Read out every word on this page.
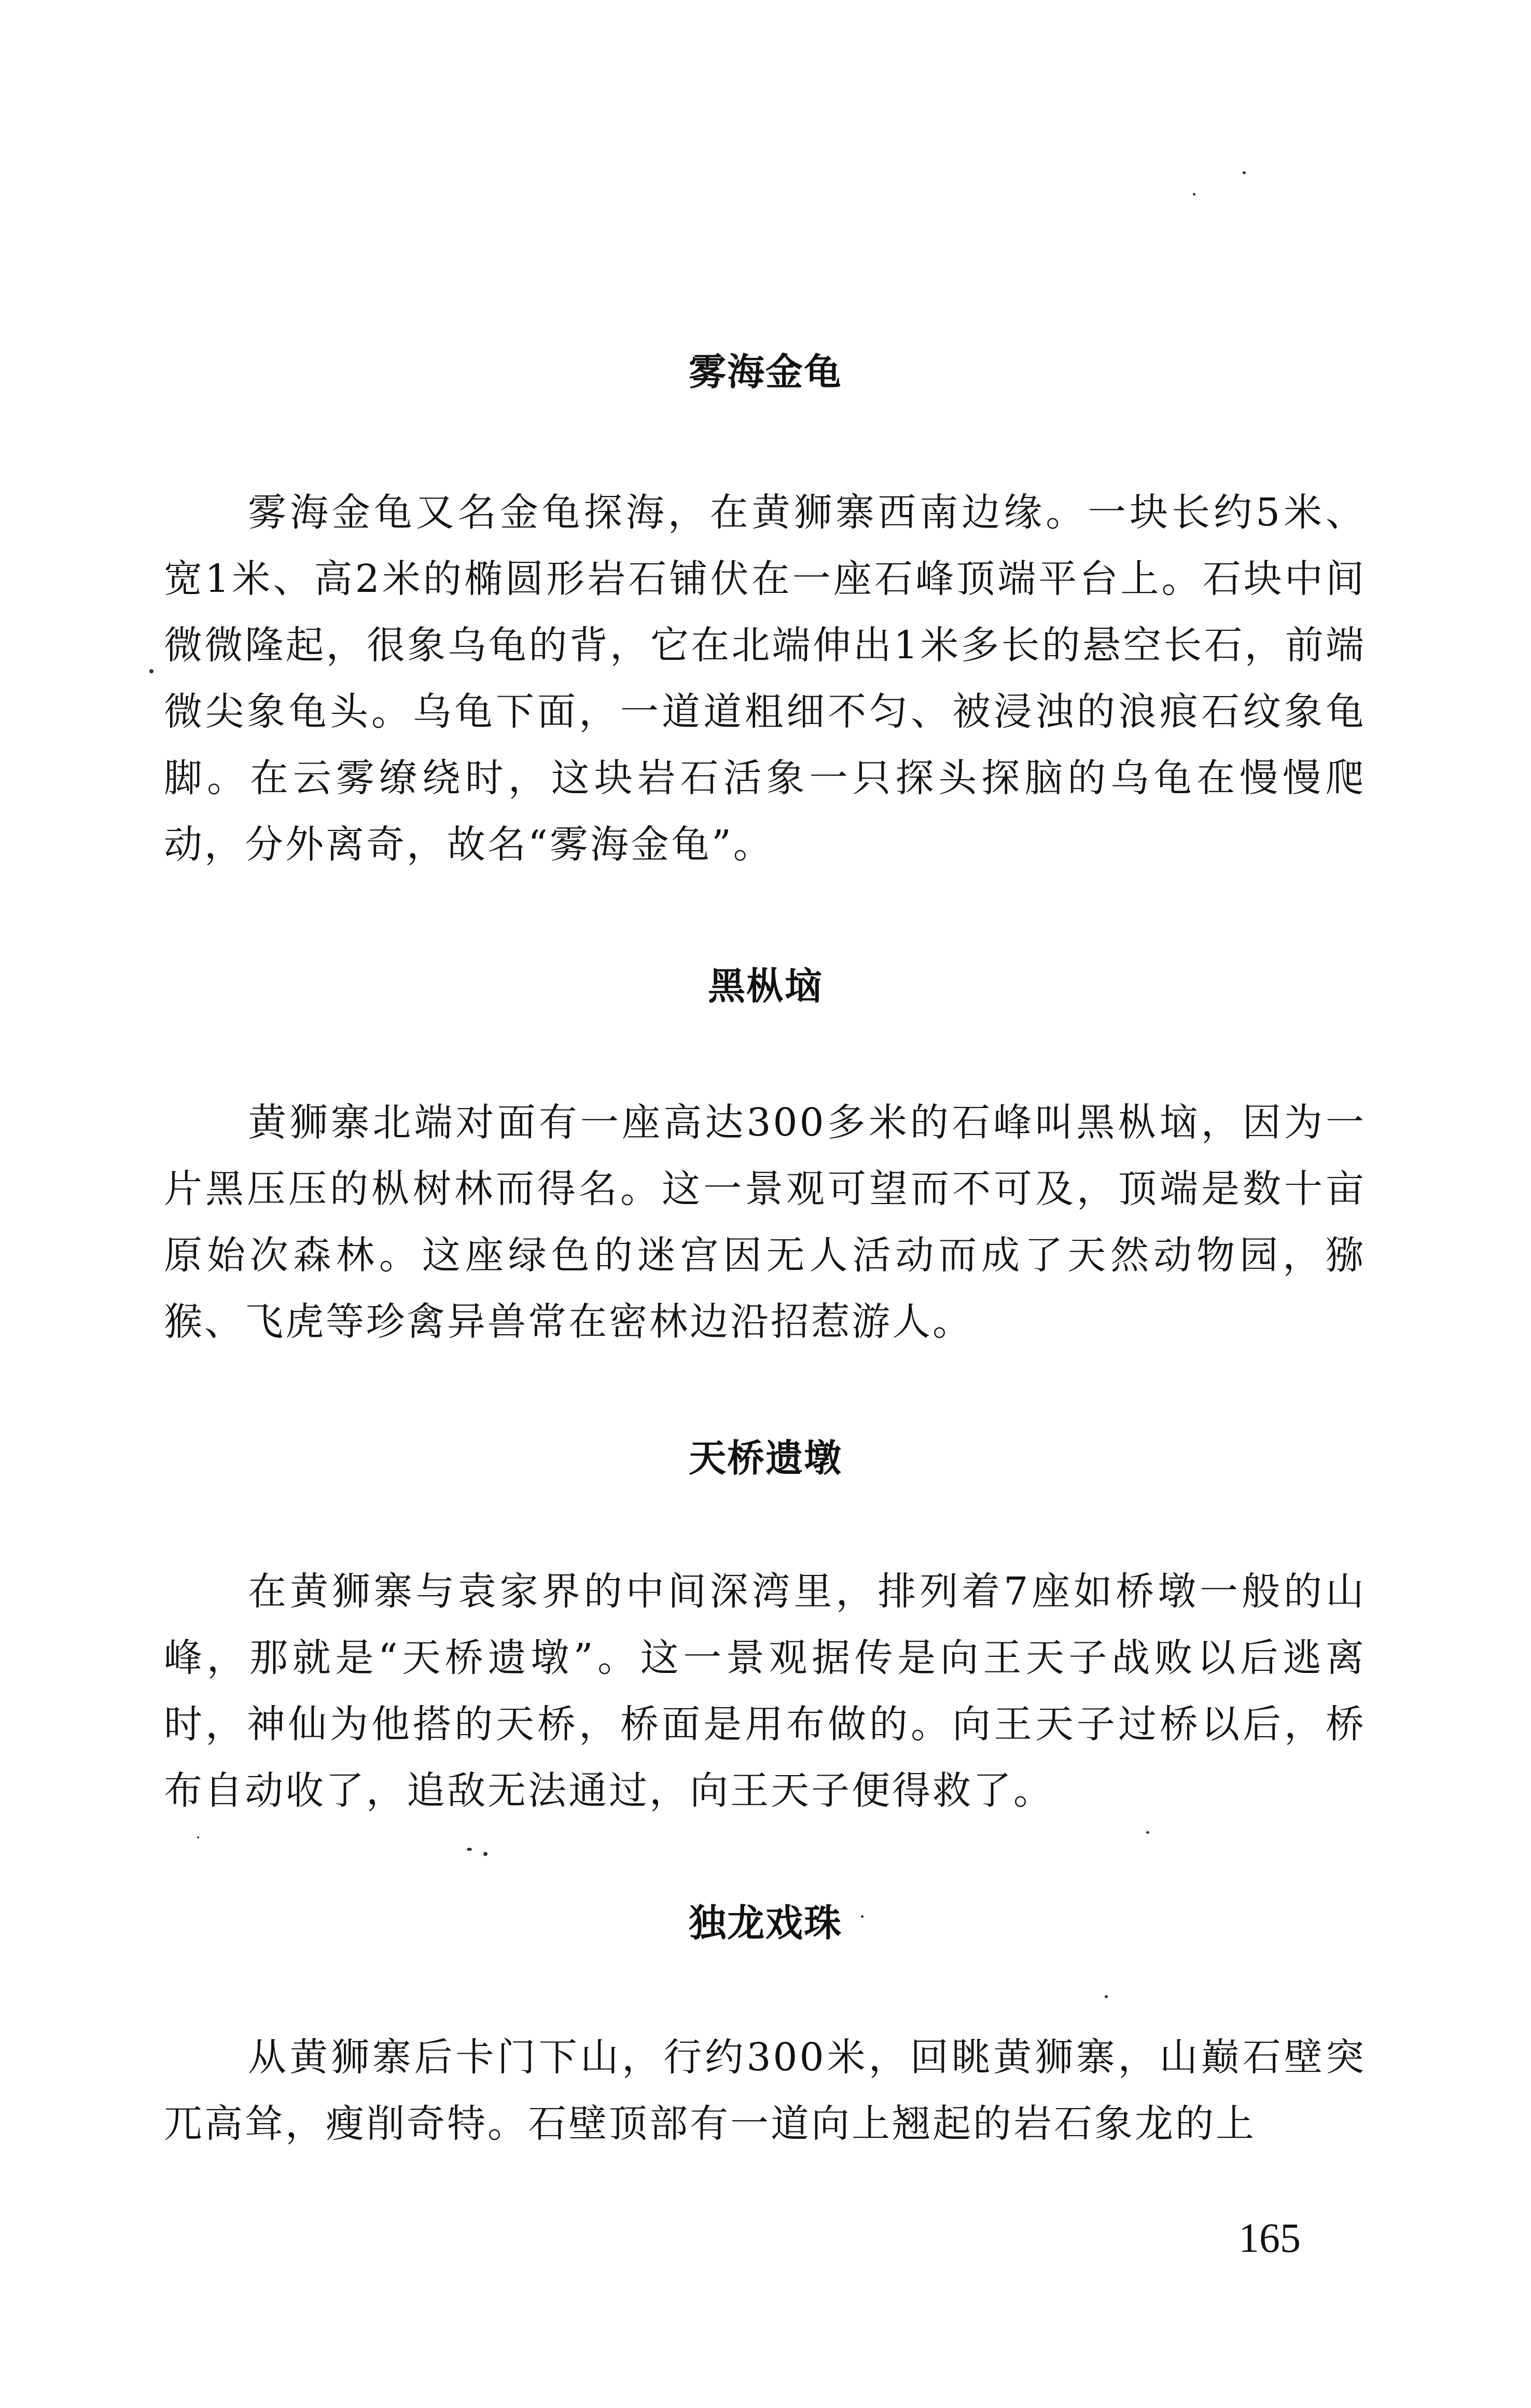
雾海金龟

雾海金龟又名金龟探海，在黄狮寨西南边缘。一块长约5米、宽1米、高2米的椭圆形岩石铺伏在一座石峰顶端平台上。石块中间微微隆起，很象乌龟的背，它在北端伸出1米多长的悬空长石，前端微尖象龟头。乌龟下面，一道道粗细不匀、被浸浊的浪痕石纹象龟脚。在云雾缭绕时，这块岩石活象一只探头探脑的乌龟在慢慢爬动，分外离奇，故名“雾海金龟”。

黑枞垴

黄狮寨北端对面有一座高达300多米的石峰叫黑枞垴，因为一片黑压压的枞树林而得名。这一景观可望而不可及，顶端是数十亩原始次森林。这座绿色的迷宫因无人活动而成了天然动物园，猕猴、飞虎等珍禽异兽常在密林边沿招惹游人。

天桥遗墩

在黄狮寨与袁家界的中间深湾里，排列着7座如桥墩一般的山峰，那就是“天桥遗墩”。这一景观据传是向王天子战败以后逃离时，神仙为他搭的天桥，桥面是用布做的。向王天子过桥以后，桥布自动收了，追敌无法通过，向王天子便得救了。

独龙戏珠

从黄狮寨后卡门下山，行约300米，回眺黄狮寨，山巅石壁突兀高耸，瘦削奇特。石壁顶部有一道向上翘起的岩石象龙的上

165
